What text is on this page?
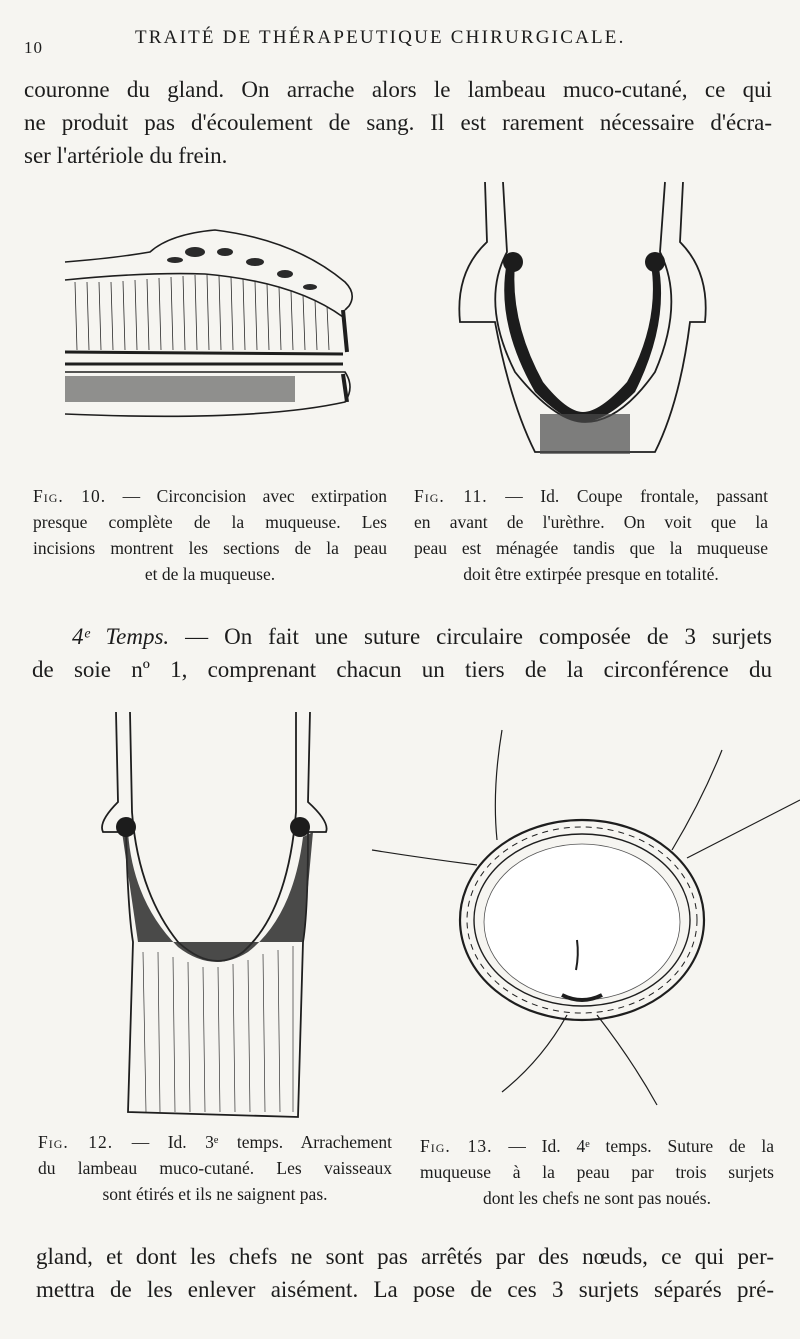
10	TRAITÉ DE THÉRAPEUTIQUE CHIRURGICALE.
couronne du gland. On arrache alors le lambeau muco-cutané, ce qui
ne produit pas d'écoulement de sang. Il est rarement nécessaire d'écra-
ser l'artériole du frein.
Fig. 10. — Circoncision avec extirpation
presque complète de la muqueuse. Les
incisions montrent les sections de la peau
et de la muqueuse.
Fig. 11. — Id. Coupe frontale, passant
en avant de l'urèthre. On voit que la
peau est ménagée tandis que la muqueuse
doit être extirpée presque en totalité.
4ᵉ Temps. — On fait une suture circulaire composée de 3 surjets
de soie nº 1, comprenant chacun un tiers de la circonférence du
Fig. 12. — Id. 3ᵉ temps. Arrachement
du lambeau muco-cutané. Les vaisseaux
sont étirés et ils ne saignent pas.
Fig. 13. — Id. 4ᵉ temps. Suture de la
muqueuse à la peau par trois surjets
dont les chefs ne sont pas noués.
gland, et dont les chefs ne sont pas arrêtés par des nœuds, ce qui per-
mettra de les enlever aisément. La pose de ces 3 surjets séparés pré-
